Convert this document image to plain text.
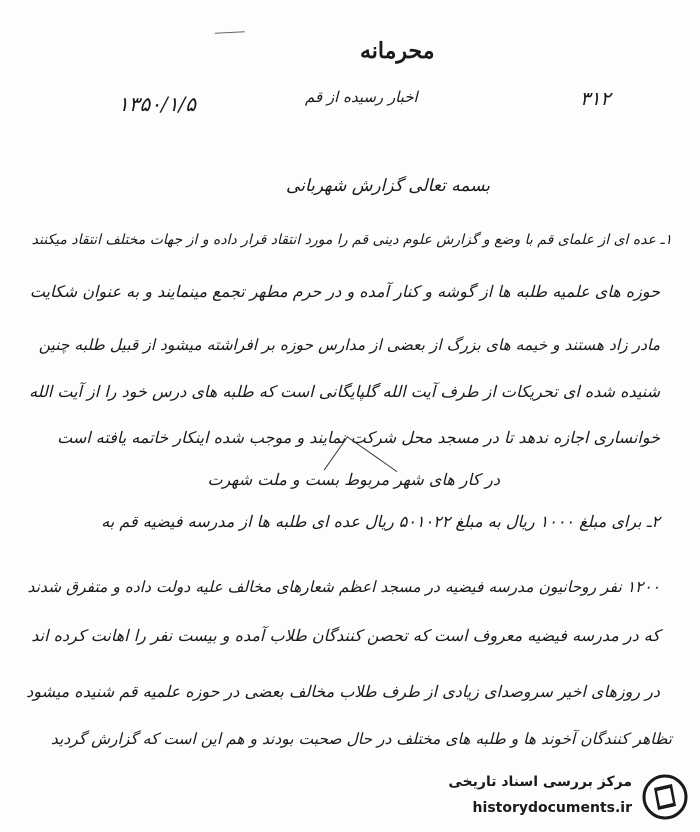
محرمانه
اخبار رسیده از قم	۳۱۲
۱۳۵۰/۱/۵
بسمه تعالی گزارش شهربانی
۱ـ عده ای از علمای قم با وضع و گزارش علوم دینی قم را مورد انتقاد قرار داده و از جهات مختلف انتقاد میکنند
حوزه های علمیه طلبه ها از گوشه و کنار آمده و در حرم مطهر تجمع مینمایند و به عنوان شکایت
مادر زاد هستند و خیمه های بزرگ از بعضی از مدارس حوزه بر افراشته میشود از قبیل طلبه چنین
شنیده شده ای تحریکات از طرف آیت الله گلپایگانی است که طلبه های درس خود را از آیت الله
خوانساری اجازه ندهد تا در مسجد محل شرکت نمایند و موجب شده اینکار خاتمه یافته است
در کار های شهر مربوط بست و ملت شهرت
۲ـ برای مبلغ ۱۰۰۰ ریال به مبلغ ۵۰۱۰۲۲ ریال عده ای طلبه ها از مدرسه فیضیه قم به
۱۲۰۰ نفر روحانیون مدرسه فیضیه در مسجد اعظم شعارهای مخالف علیه دولت داده و متفرق شدند
که در مدرسه فیضیه معروف است که تحصن کنندگان طلاب آمده و بیست نفر را اهانت کرده اند
در روزهای اخیر سروصدای زیادی از طرف طلاب مخالف بعضی در حوزه علمیه قم شنیده میشود
تظاهر کنندگان آخوند ها و طلبه های مختلف در حال صحبت بودند و هم این است که گزارش گردید
مرکز بررسی اسناد تاریخی
historydocuments.ir
